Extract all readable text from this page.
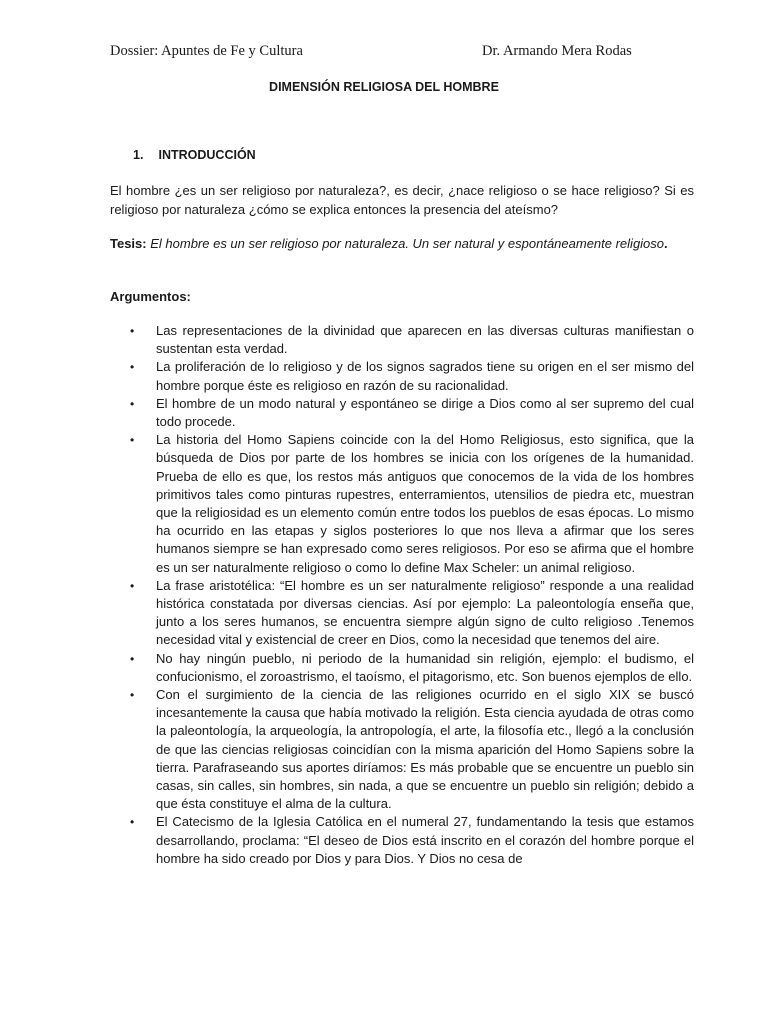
Dossier: Apuntes de Fe y Cultura	Dr. Armando Mera Rodas
DIMENSIÓN RELIGIOSA DEL HOMBRE
1. INTRODUCCIÓN
El hombre ¿es un ser religioso por naturaleza?, es decir, ¿nace religioso o se hace religioso? Si es religioso por naturaleza ¿cómo se explica entonces la presencia del ateísmo?
Tesis: El hombre es un ser religioso por naturaleza. Un ser natural y espontáneamente religioso.
Argumentos:
• Las representaciones de la divinidad que aparecen en las diversas culturas manifiestan o sustentan esta verdad.
• La proliferación de lo religioso y de los signos sagrados tiene su origen en el ser mismo del hombre porque éste es religioso en razón de su racionalidad.
• El hombre de un modo natural y espontáneo se dirige a Dios como al ser supremo del cual todo procede.
• La historia del Homo Sapiens coincide con la del Homo Religiosus, esto significa, que la búsqueda de Dios por parte de los hombres se inicia con los orígenes de la humanidad. Prueba de ello es que, los restos más antiguos que conocemos de la vida de los hombres primitivos tales como pinturas rupestres, enterramientos, utensilios de piedra etc, muestran que la religiosidad es un elemento común entre todos los pueblos de esas épocas. Lo mismo ha ocurrido en las etapas y siglos posteriores lo que nos lleva a afirmar que los seres humanos siempre se han expresado como seres religiosos. Por eso se afirma que el hombre es un ser naturalmente religioso o como lo define Max Scheler: un animal religioso.
• La frase aristotélica: “El hombre es un ser naturalmente religioso” responde a una realidad histórica constatada por diversas ciencias. Así por ejemplo: La paleontología enseña que, junto a los seres humanos, se encuentra siempre algún signo de culto religioso .Tenemos necesidad vital y existencial de creer en Dios, como la necesidad que tenemos del aire.
• No hay ningún pueblo, ni periodo de la humanidad sin religión, ejemplo: el budismo, el confucionismo, el zoroastrismo, el taoísmo, el pitagorismo, etc. Son buenos ejemplos de ello.
• Con el surgimiento de la ciencia de las religiones ocurrido en el siglo XIX se buscó incesantemente la causa que había motivado la religión. Esta ciencia ayudada de otras como la paleontología, la arqueología, la antropología, el arte, la filosofía etc., llegó a la conclusión de que las ciencias religiosas coincidían con la misma aparición del Homo Sapiens sobre la tierra. Parafraseando sus aportes diríamos: Es más probable que se encuentre un pueblo sin casas, sin calles, sin hombres, sin nada, a que se encuentre un pueblo sin religión; debido a que ésta constituye el alma de la cultura.
• El Catecismo de la Iglesia Católica en el numeral 27, fundamentando la tesis que estamos desarrollando, proclama: “El deseo de Dios está inscrito en el corazón del hombre porque el hombre ha sido creado por Dios y para Dios. Y Dios no cesa de
